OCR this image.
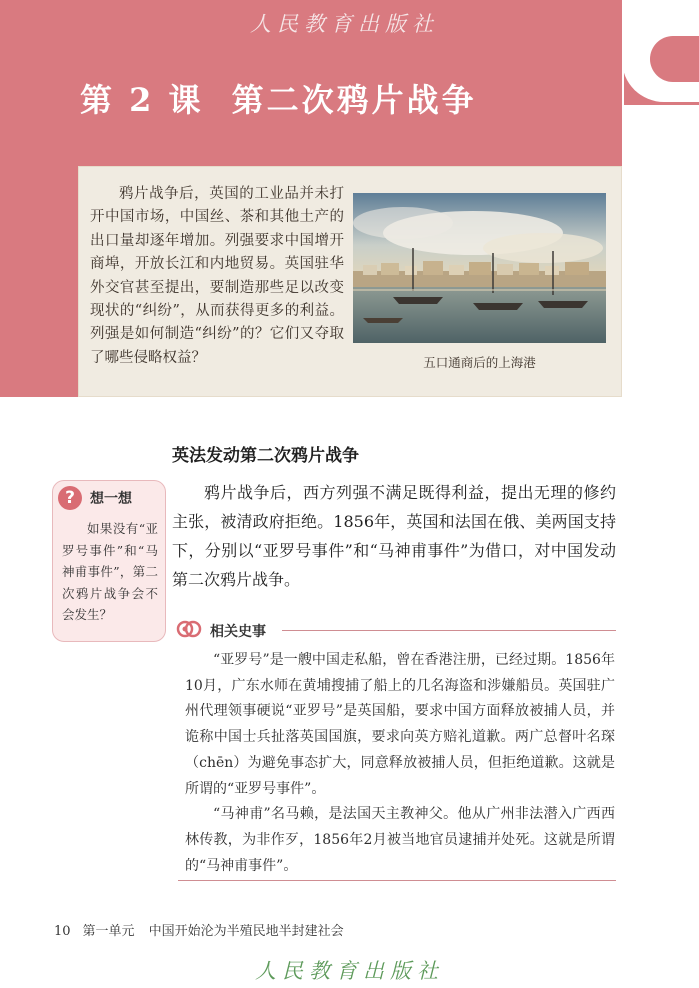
人民教育出版社
第 2 课 第二次鸦片战争
鸦片战争后，英国的工业品并未打开中国市场，中国丝、茶和其他土产的出口量却逐年增加。列强要求中国增开商埠，开放长江和内地贸易。英国驻华外交官甚至提出，要制造那些足以改变现状的“纠纷”，从而获得更多的利益。列强是如何制造“纠纷”的？它们又夺取了哪些侵略权益？	五口通商后的上海港
英法发动第二次鸦片战争
鸦片战争后，西方列强不满足既得利益，提出无理的修约主张，被清政府拒绝。1856年，英国和法国在俄、美两国支持下，分别以“亚罗号事件”和“马神甫事件”为借口，对中国发动第二次鸦片战争。
?	想一想
如果没有“亚罗号事件”和“马神甫事件”，第二次鸦片战争会不会发生？
相关史事

“亚罗号”是一艘中国走私船，曾在香港注册，已经过期。1856年10月，广东水师在黄埔搜捕了船上的几名海盗和涉嫌船员。英国驻广州代理领事硬说“亚罗号”是英国船，要求中国方面释放被捕人员，并诡称中国士兵扯落英国国旗，要求向英方赔礼道歉。两广总督叶名琛（chēn）为避免事态扩大，同意释放被捕人员，但拒绝道歉。这就是所谓的“亚罗号事件”。

“马神甫”名马赖，是法国天主教神父。他从广州非法潜入广西西林传教，为非作歹，1856年2月被当地官员逮捕并处死。这就是所谓的“马神甫事件”。

10 第一单元 中国开始沦为半殖民地半封建社会
人民教育出版社
